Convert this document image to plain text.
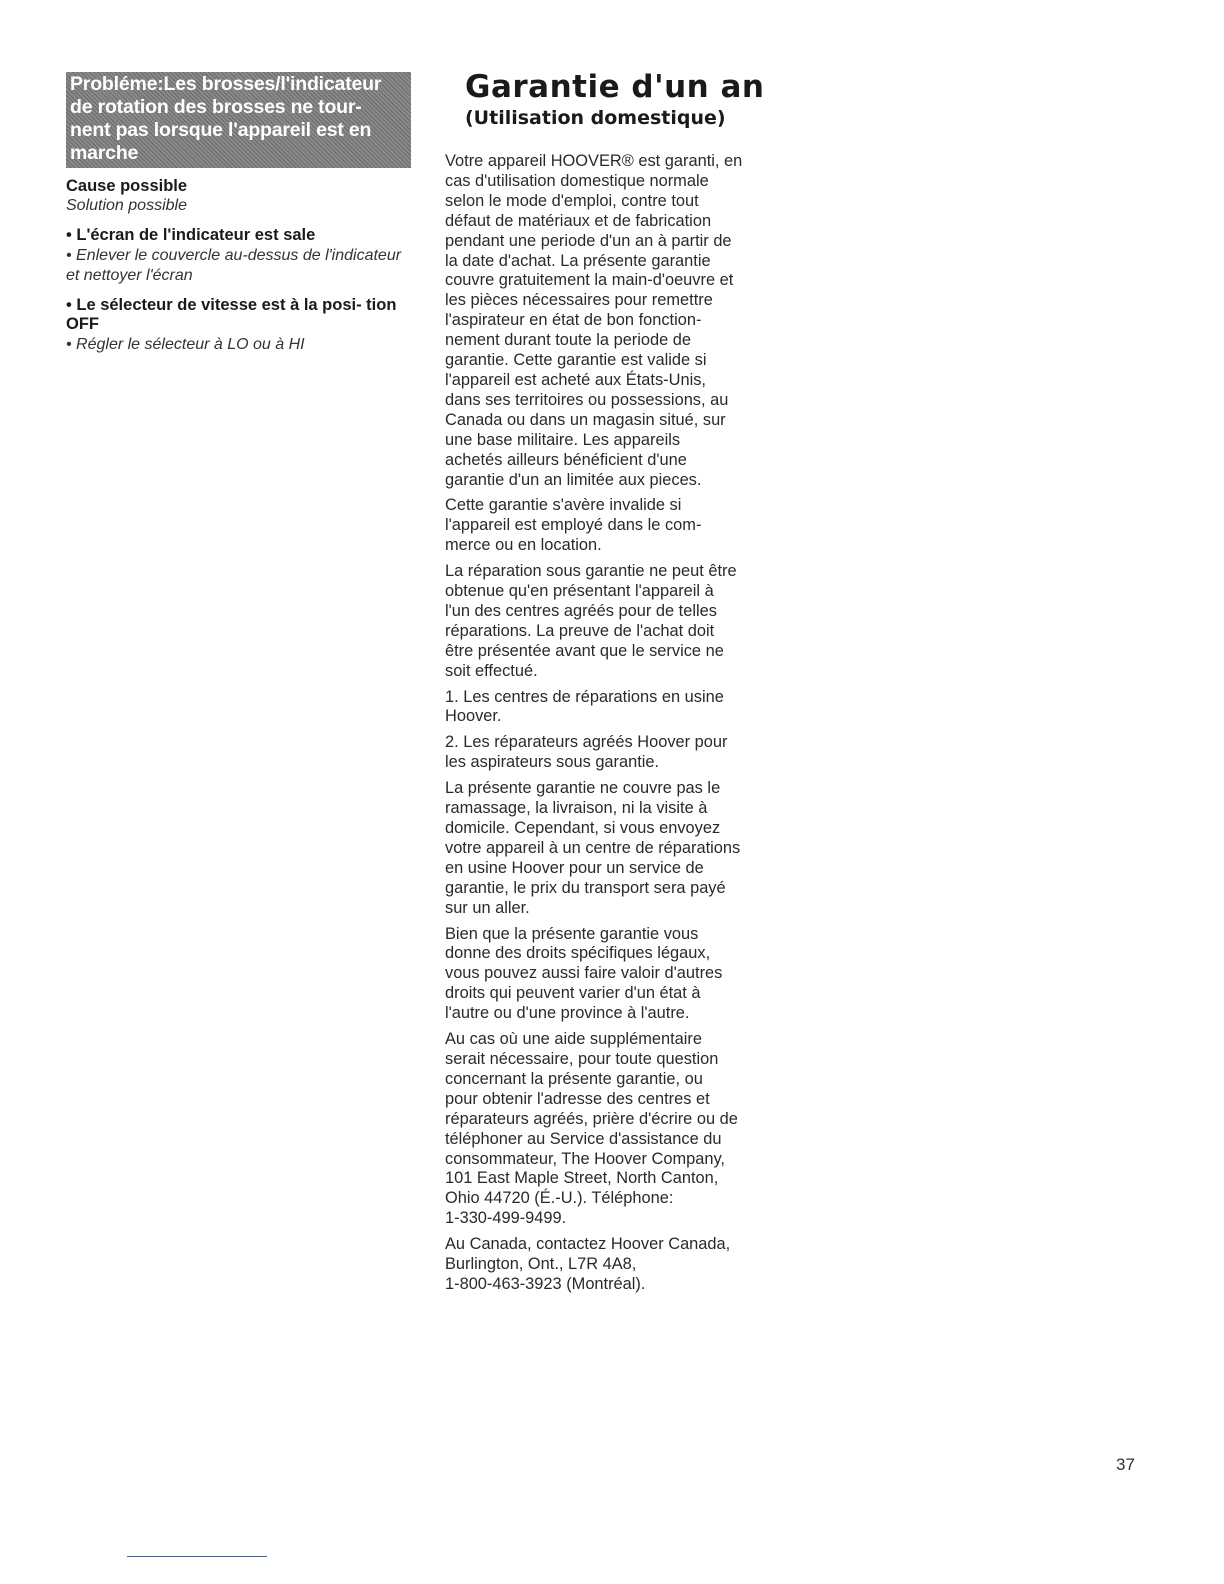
Probléme:Les brosses/l'indicateur de rotation des brosses ne tour- nent pas lorsque l'appareil est en marche
Cause possible
Solution possible
• L'écran de l'indicateur est sale
• Enlever le couvercle au-dessus de l'indicateur et nettoyer l'écran
• Le sélecteur de vitesse est à la posi- tion OFF
• Régler le sélecteur à LO ou à HI
Garantie d'un an
(Utilisation domestique)

Votre appareil HOOVER® est garanti, en
cas d'utilisation domestique normale
selon le mode d'emploi, contre tout
défaut de matériaux et de fabrication
pendant une periode d'un an à partir de
la date d'achat. La présente garantie
couvre gratuitement la main-d'oeuvre et
les pièces nécessaires pour remettre
l'aspirateur en état de bon fonction-
nement durant toute la periode de
garantie. Cette garantie est valide si
l'appareil est acheté aux États-Unis,
dans ses territoires ou possessions, au
Canada ou dans un magasin situé, sur
une base militaire. Les appareils
achetés ailleurs bénéficient d'une
garantie d'un an limitée aux pieces.

Cette garantie s'avère invalide si
l'appareil est employé dans le com-
merce ou en location.

La réparation sous garantie ne peut être
obtenue qu'en présentant l'appareil à
l'un des centres agréés pour de telles
réparations. La preuve de l'achat doit
être présentée avant que le service ne
soit effectué.

1. Les centres de réparations en usine
Hoover.

2. Les réparateurs agréés Hoover pour
les aspirateurs sous garantie.

La présente garantie ne couvre pas le
ramassage, la livraison, ni la visite à
domicile. Cependant, si vous envoyez
votre appareil à un centre de réparations
en usine Hoover pour un service de
garantie, le prix du transport sera payé
sur un aller.

Bien que la présente garantie vous
donne des droits spécifiques légaux,
vous pouvez aussi faire valoir d'autres
droits qui peuvent varier d'un état à
l'autre ou d'une province à l'autre.

Au cas où une aide supplémentaire
serait nécessaire, pour toute question
concernant la présente garantie, ou
pour obtenir l'adresse des centres et
réparateurs agréés, prière d'écrire ou de
téléphoner au Service d'assistance du
consommateur, The Hoover Company,
101 East Maple Street, North Canton,
Ohio 44720 (É.-U.). Téléphone:
1-330-499-9499.

Au Canada, contactez Hoover Canada,
Burlington, Ont., L7R 4A8,
1-800-463-3923 (Montréal).

37
